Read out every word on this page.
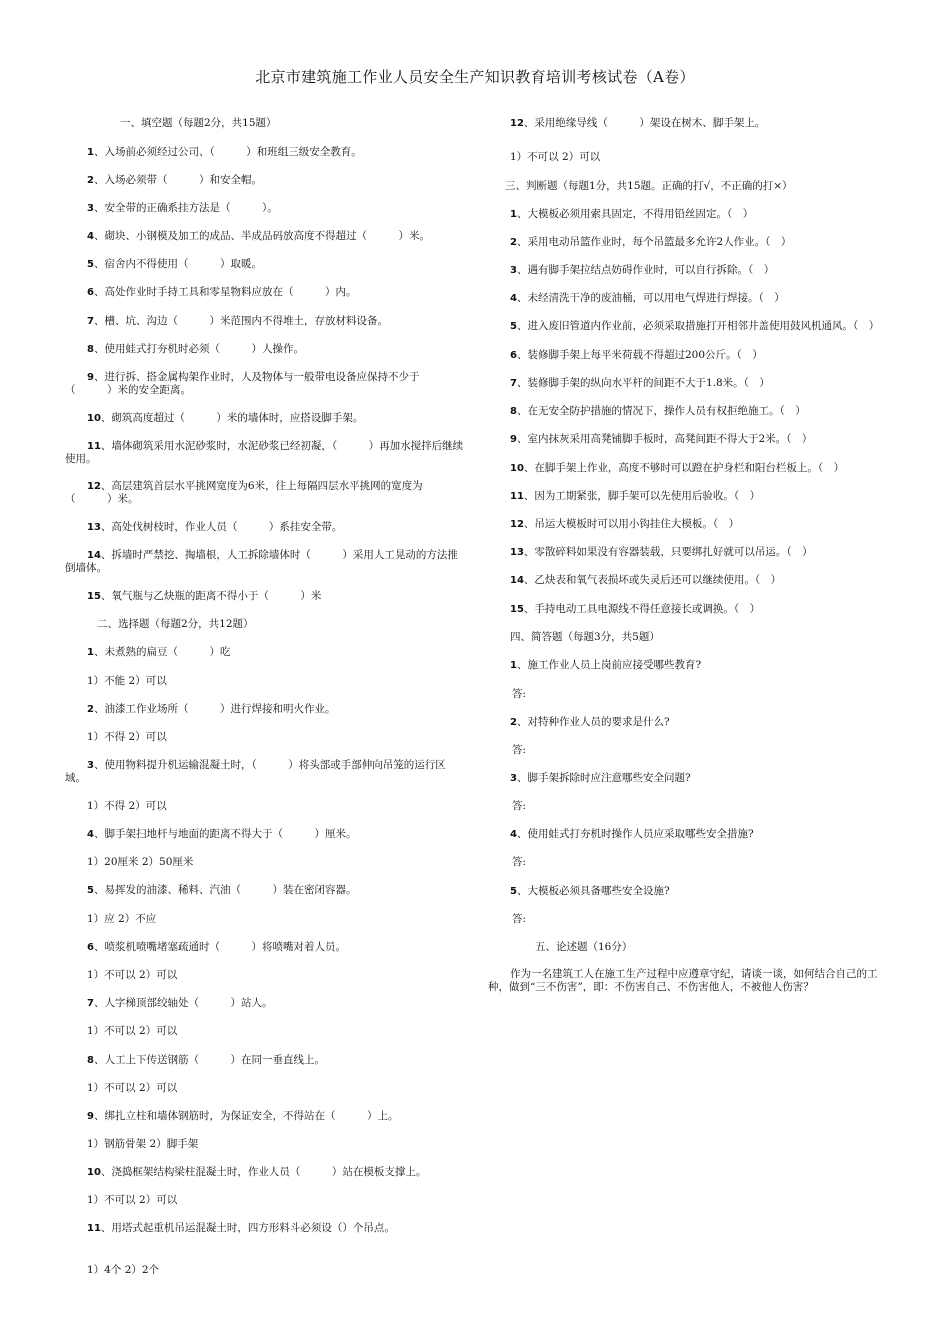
北京市建筑施工作业人员安全生产知识教育培训考核试卷（A卷）
一、填空题（每题2分，共15题）
1、入场前必须经过公司、（　　　）和班组三级安全教育。
2、入场必须带（　　　）和安全帽。
3、安全带的正确系挂方法是（　　　）。
4、砌块、小钢模及加工的成品、半成品码放高度不得超过（　　　）米。
5、宿舍内不得使用（　　　）取暖。
6、高处作业时手持工具和零星物料应放在（　　　）内。
7、槽、坑、沟边（　　　）米范围内不得堆土，存放材料设备。
8、使用蛙式打夯机时必须（　　　）人操作。
9、进行拆、搭金属构架作业时，人及物体与一般带电设备应保持不少于（　　　）米的安全距离。
10、砌筑高度超过（　　　）米的墙体时，应搭设脚手架。
11、墙体砌筑采用水泥砂浆时，水泥砂浆已经初凝，（　　　）再加水搅拌后继续使用。
12、高层建筑首层水平挑网宽度为6米，往上每隔四层水平挑网的宽度为（　　　）米。
13、高处伐树枝时，作业人员（　　　）系挂安全带。
14、拆墙时严禁挖、掏墙根，人工拆除墙体时（　　　）采用人工晃动的方法推倒墙体。
15、氧气瓶与乙炔瓶的距离不得小于（　　　）米
二、选择题（每题2分，共12题）
1、未煮熟的扁豆（　　　）吃
1）不能 2）可以
2、油漆工作业场所（　　　）进行焊接和明火作业。
1）不得 2）可以
3、使用物料提升机运输混凝土时，（　　　）将头部或手部伸向吊笼的运行区域。
1）不得 2）可以
4、脚手架扫地杆与地面的距离不得大于（　　　）厘米。
1）20厘米 2）50厘米
5、易挥发的油漆、稀料、汽油（　　　）装在密闭容器。
1）应 2）不应
6、喷浆机喷嘴堵塞疏通时（　　　）将喷嘴对着人员。
1）不可以 2）可以
7、人字梯顶部绞轴处（　　　）站人。
1）不可以 2）可以
8、人工上下传送钢筋（　　　）在同一垂直线上。
1）不可以 2）可以
9、绑扎立柱和墙体钢筋时，为保证安全，不得站在（　　　）上。
1）钢筋骨架 2）脚手架
10、浇捣框架结构梁柱混凝土时，作业人员（　　　）站在模板支撑上。
1）不可以 2）可以
11、用塔式起重机吊运混凝土时，四方形料斗必须设（）个吊点。
1）4个 2）2个
12、采用绝缘导线（　　　）架设在树木、脚手架上。
1）不可以 2）可以
三、判断题（每题1分，共15题。正确的打√，不正确的打×）
1、大模板必须用索具固定，不得用铅丝固定。（　）
2、采用电动吊篮作业时，每个吊篮最多允许2人作业。（　）
3、遇有脚手架拉结点妨碍作业时，可以自行拆除。（　）
4、未经清洗干净的废油桶，可以用电气焊进行焊接。（　）
5、进入废旧管道内作业前，必须采取措施打开相邻井盖使用鼓风机通风。（　）
6、装修脚手架上每平米荷载不得超过200公斤。（　）
7、装修脚手架的纵向水平杆的间距不大于1.8米。（　）
8、在无安全防护措施的情况下，操作人员有权拒绝施工。（　）
9、室内抹灰采用高凳铺脚手板时，高凳间距不得大于2米。（　）
10、在脚手架上作业，高度不够时可以蹬在护身栏和阳台栏板上。（　）
11、因为工期紧张，脚手架可以先使用后验收。（　）
12、吊运大模板时可以用小钩挂住大模板。（　）
13、零散碎料如果没有容器装载，只要绑扎好就可以吊运。（　）
14、乙炔表和氧气表损坏或失灵后还可以继续使用。（　）
15、手持电动工具电源线不得任意接长或调换。（　）
四、简答题（每题3分，共5题）
1、施工作业人员上岗前应接受哪些教育?
答:
2、对特种作业人员的要求是什么?
答:
3、脚手架拆除时应注意哪些安全问题?
答:
4、使用蛙式打夯机时操作人员应采取哪些安全措施?
答:
5、大模板必须具备哪些安全设施?
答:
五、论述题（16分）
作为一名建筑工人在施工生产过程中应遵章守纪，请谈一谈，如何结合自己的工种，做到“三不伤害”，即：不伤害自己、不伤害他人，不被他人伤害？
